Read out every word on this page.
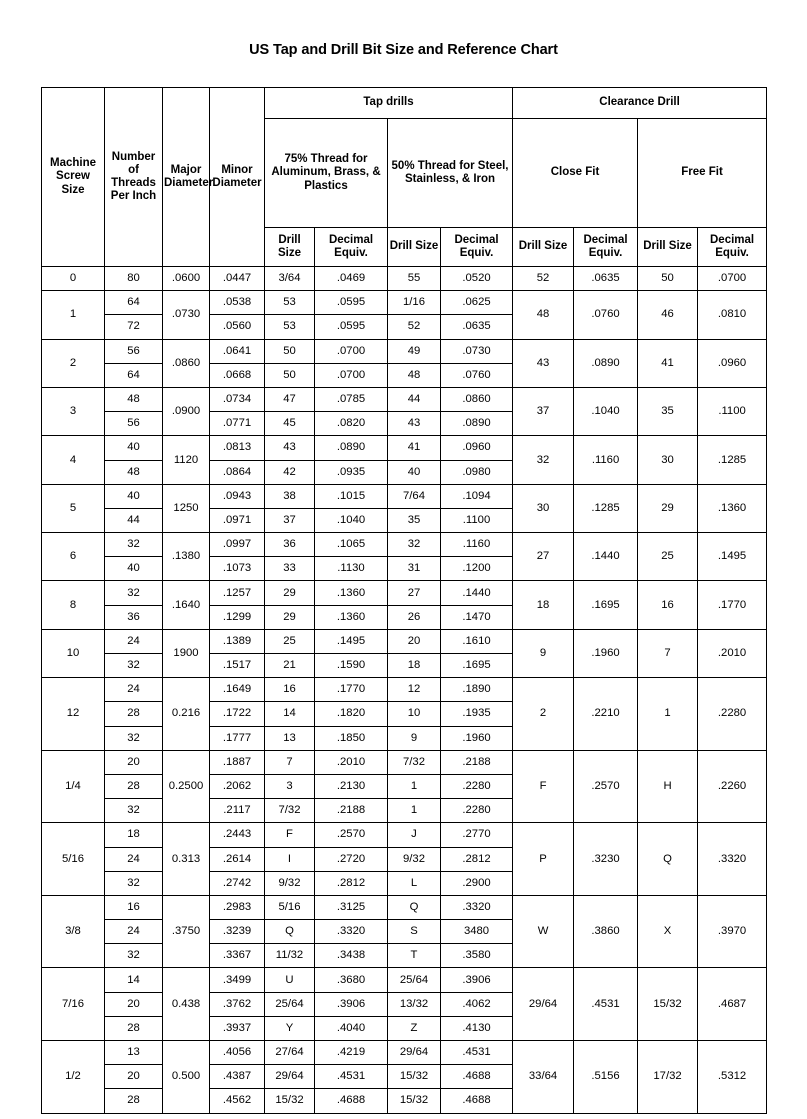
US Tap and Drill Bit Size and Reference Chart
Machine Screw Size	Number of Threads Per Inch	Major Diameter	Minor Diameter	Tap drills				Clearance Drill			
				75% Thread for Aluminum, Brass, & Plastics		50% Thread for Steel, Stainless, & Iron		Close Fit		Free Fit	
				Drill Size	Decimal Equiv.	Drill Size	Decimal Equiv.	Drill Size	Decimal Equiv.	Drill Size	Decimal Equiv.
0	80	.0600	.0447	3/64	.0469	55	.0520	52	.0635	50	.0700
1	64	.0730	.0538	53	.0595	1/16	.0625	48	.0760	46	.0810
	72		.0560	53	.0595	52	.0635				
2	56	.0860	.0641	50	.0700	49	.0730	43	.0890	41	.0960
	64		.0668	50	.0700	48	.0760				
3	48	.0900	.0734	47	.0785	44	.0860	37	.1040	35	.1100
	56		.0771	45	.0820	43	.0890				
4	40	1120	.0813	43	.0890	41	.0960	32	.1160	30	.1285
	48		.0864	42	.0935	40	.0980				
5	40	1250	.0943	38	.1015	7/64	.1094	30	.1285	29	.1360
	44		.0971	37	.1040	35	.1100				
6	32	.1380	.0997	36	.1065	32	.1160	27	.1440	25	.1495
	40		.1073	33	.1130	31	.1200				
8	32	.1640	.1257	29	.1360	27	.1440	18	.1695	16	.1770
	36		.1299	29	.1360	26	.1470				
10	24	1900	.1389	25	.1495	20	.1610	9	.1960	7	.2010
	32		.1517	21	.1590	18	.1695				
12	24	0.216	.1649	16	.1770	12	.1890	2	.2210	1	.2280
	28		.1722	14	.1820	10	.1935				
	32		.1777	13	.1850	9	.1960				
1/4	20	0.2500	.1887	7	.2010	7/32	.2188	F	.2570	H	.2260
	28		.2062	3	.2130	1	.2280				
	32		.2117	7/32	.2188	1	.2280				
5/16	18	0.313	.2443	F	.2570	J	.2770	P	.3230	Q	.3320
	24		.2614	I	.2720	9/32	.2812				
	32		.2742	9/32	.2812	L	.2900				
3/8	16	.3750	.2983	5/16	.3125	Q	.3320	W	.3860	X	.3970
	24		.3239	Q	.3320	S	3480				
	32		.3367	11/32	.3438	T	.3580				
7/16	14	0.438	.3499	U	.3680	25/64	.3906	29/64	.4531	15/32	.4687
	20		.3762	25/64	.3906	13/32	.4062				
	28		.3937	Y	.4040	Z	.4130				
1/2	13	0.500	.4056	27/64	.4219	29/64	.4531	33/64	.5156	17/32	.5312
	20		.4387	29/64	.4531	15/32	.4688				
	28		.4562	15/32	.4688	15/32	.4688				
